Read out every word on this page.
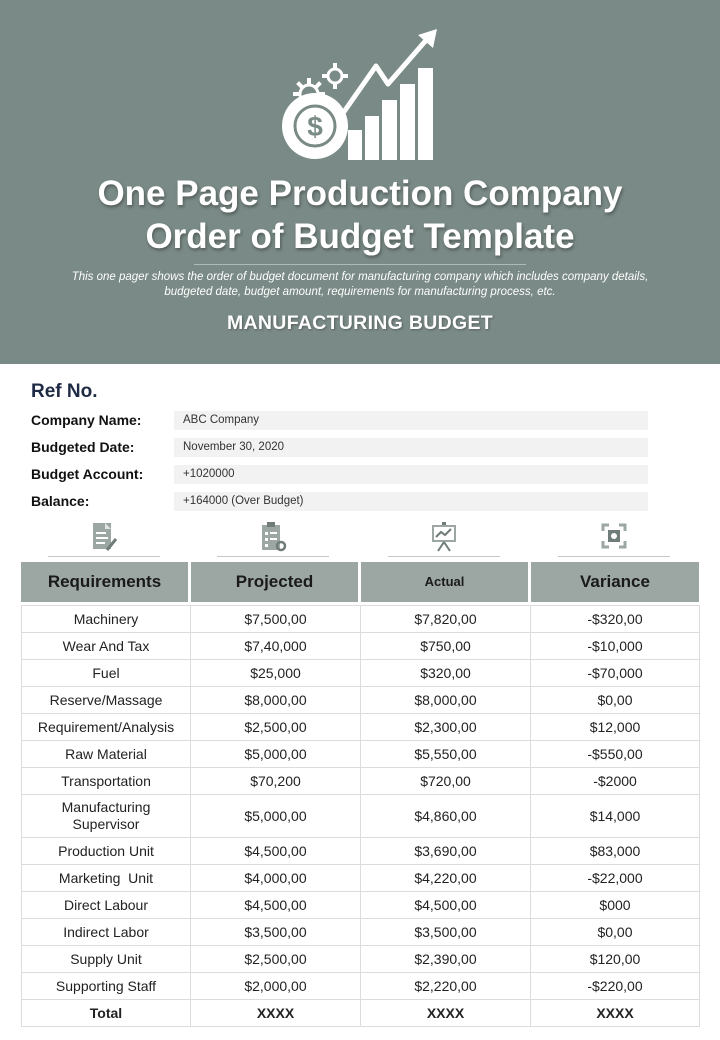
$
One Page Production Company
Order of Budget Template
This one pager shows the order of budget document for manufacturing company which includes company details,
budgeted date, budget amount, requirements for manufacturing process, etc.
MANUFACTURING BUDGET
Ref No.
Company Name:	ABC Company
Budgeted Date:	November 30, 2020
Budget Account:	+1020000
Balance:	+164000 (Over Budget)
Requirements	Projected	Actual	Variance
Machinery	$7,500,00	$7,820,00	-$320,00
Wear And Tax	$7,40,000	$750,00	-$10,000
Fuel	$25,000	$320,00	-$70,000
Reserve/Massage	$8,000,00	$8,000,00	$0,00
Requirement/Analysis	$2,500,00	$2,300,00	$12,000
Raw Material	$5,000,00	$5,550,00	-$550,00
Transportation	$70,200	$720,00	-$2000

Manufacturing
Supervisor	$5,000,00	$4,860,00	$14,000
Production Unit	$4,500,00	$3,690,00	$83,000
Marketing  Unit	$4,000,00	$4,220,00	-$22,000
Direct Labour	$4,500,00	$4,500,00	$000
Indirect Labor	$3,500,00	$3,500,00	$0,00
Supply Unit	$2,500,00	$2,390,00	$120,00
Supporting Staff	$2,000,00	$2,220,00	-$220,00
Total	XXXX	XXXX	XXXX
